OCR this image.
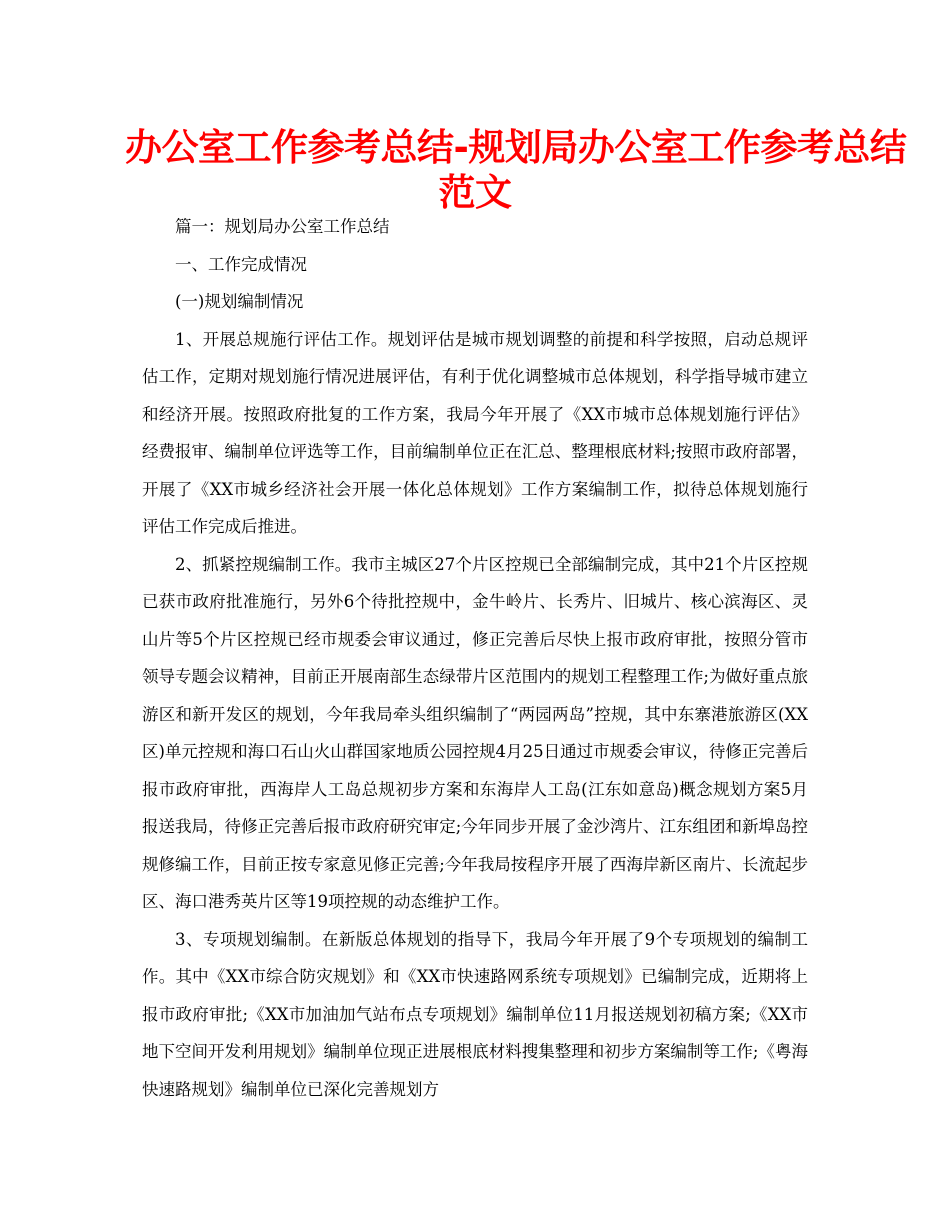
办公室工作参考总结-规划局办公室工作参考总结
范文

篇一：规划局办公室工作总结

一、工作完成情况

(一)规划编制情况

1、开展总规施行评估工作。规划评估是城市规划调整的前提和科学按照，启动总规评估工作，定期对规划施行情况进展评估，有利于优化调整城市总体规划，科学指导城市建立和经济开展。按照政府批复的工作方案，我局今年开展了《XX市城市总体规划施行评估》经费报审、编制单位评选等工作，目前编制单位正在汇总、整理根底材料;按照市政府部署，开展了《XX市城乡经济社会开展一体化总体规划》工作方案编制工作，拟待总体规划施行评估工作完成后推进。

2、抓紧控规编制工作。我市主城区27个片区控规已全部编制完成，其中21个片区控规已获市政府批准施行，另外6个待批控规中，金牛岭片、长秀片、旧城片、核心滨海区、灵山片等5个片区控规已经市规委会审议通过，修正完善后尽快上报市政府审批，按照分管市领导专题会议精神，目前正开展南部生态绿带片区范围内的规划工程整理工作;为做好重点旅游区和新开发区的规划，今年我局牵头组织编制了“两园两岛”控规，其中东寨港旅游区(XX区)单元控规和海口石山火山群国家地质公园控规4月25日通过市规委会审议，待修正完善后报市政府审批，西海岸人工岛总规初步方案和东海岸人工岛(江东如意岛)概念规划方案5月报送我局，待修正完善后报市政府研究审定;今年同步开展了金沙湾片、江东组团和新埠岛控规修编工作，目前正按专家意见修正完善;今年我局按程序开展了西海岸新区南片、长流起步区、海口港秀英片区等19项控规的动态维护工作。

3、专项规划编制。在新版总体规划的指导下，我局今年开展了9个专项规划的编制工作。其中《XX市综合防灾规划》和《XX市快速路网系统专项规划》已编制完成，近期将上报市政府审批;《XX市加油加气站布点专项规划》编制单位11月报送规划初稿方案;《XX市地下空间开发利用规划》编制单位现正进展根底材料搜集整理和初步方案编制等工作;《粤海快速路规划》编制单位已深化完善规划方
